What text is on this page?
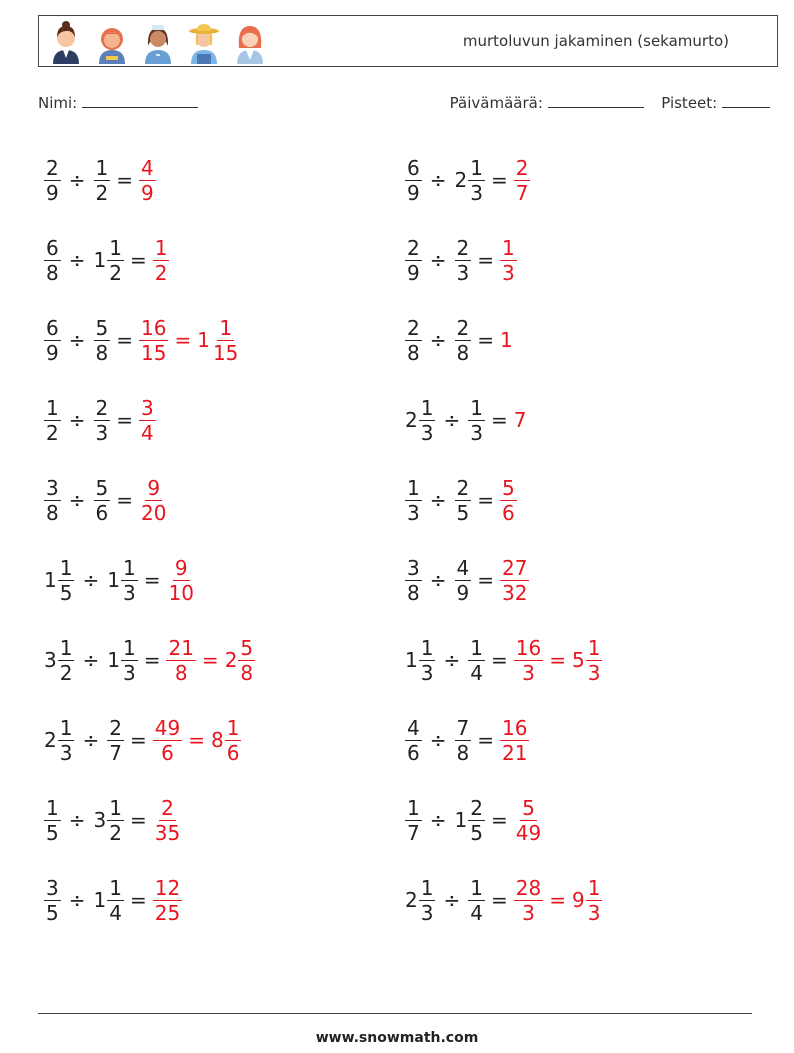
murtoluvun jakaminen (sekamurto)
Nimi:	Päivämäärä:	Pisteet:
$\frac{2}{9} \div \frac{1}{2} = \frac{4}{9}$
$\frac{6}{8} \div 1 \frac{1}{2} = \frac{1}{2}$
$\frac{6}{9} \div \frac{5}{8} = \frac{16}{15} = 1 \frac{1}{15}$
$\frac{1}{2} \div \frac{2}{3} = \frac{3}{4}$
$\frac{3}{8} \div \frac{5}{6} = \frac{9}{20}$
$1 \frac{1}{5} \div 1 \frac{1}{3} = \frac{9}{10}$
$3 \frac{1}{2} \div 1 \frac{1}{3} = \frac{21}{8} = 2 \frac{5}{8}$
$2 \frac{1}{3} \div \frac{2}{7} = \frac{49}{6} = 8 \frac{1}{6}$
$\frac{1}{5} \div 3 \frac{1}{2} = \frac{2}{35}$
$\frac{3}{5} \div 1 \frac{1}{4} = \frac{12}{25}$
$\frac{6}{9} \div 2 \frac{1}{3} = \frac{2}{7}$
$\frac{2}{9} \div \frac{2}{3} = \frac{1}{3}$
$\frac{2}{8} \div \frac{2}{8} = 1$
$2 \frac{1}{3} \div \frac{1}{3} = 7$
$\frac{1}{3} \div \frac{2}{5} = \frac{5}{6}$
$\frac{3}{8} \div \frac{4}{9} = \frac{27}{32}$
$1 \frac{1}{3} \div \frac{1}{4} = \frac{16}{3} = 5 \frac{1}{3}$
$\frac{4}{6} \div \frac{7}{8} = \frac{16}{21}$
$\frac{1}{7} \div 1 \frac{2}{5} = \frac{5}{49}$
$2 \frac{1}{3} \div \frac{1}{4} = \frac{28}{3} = 9 \frac{1}{3}$
www.snowmath.com
